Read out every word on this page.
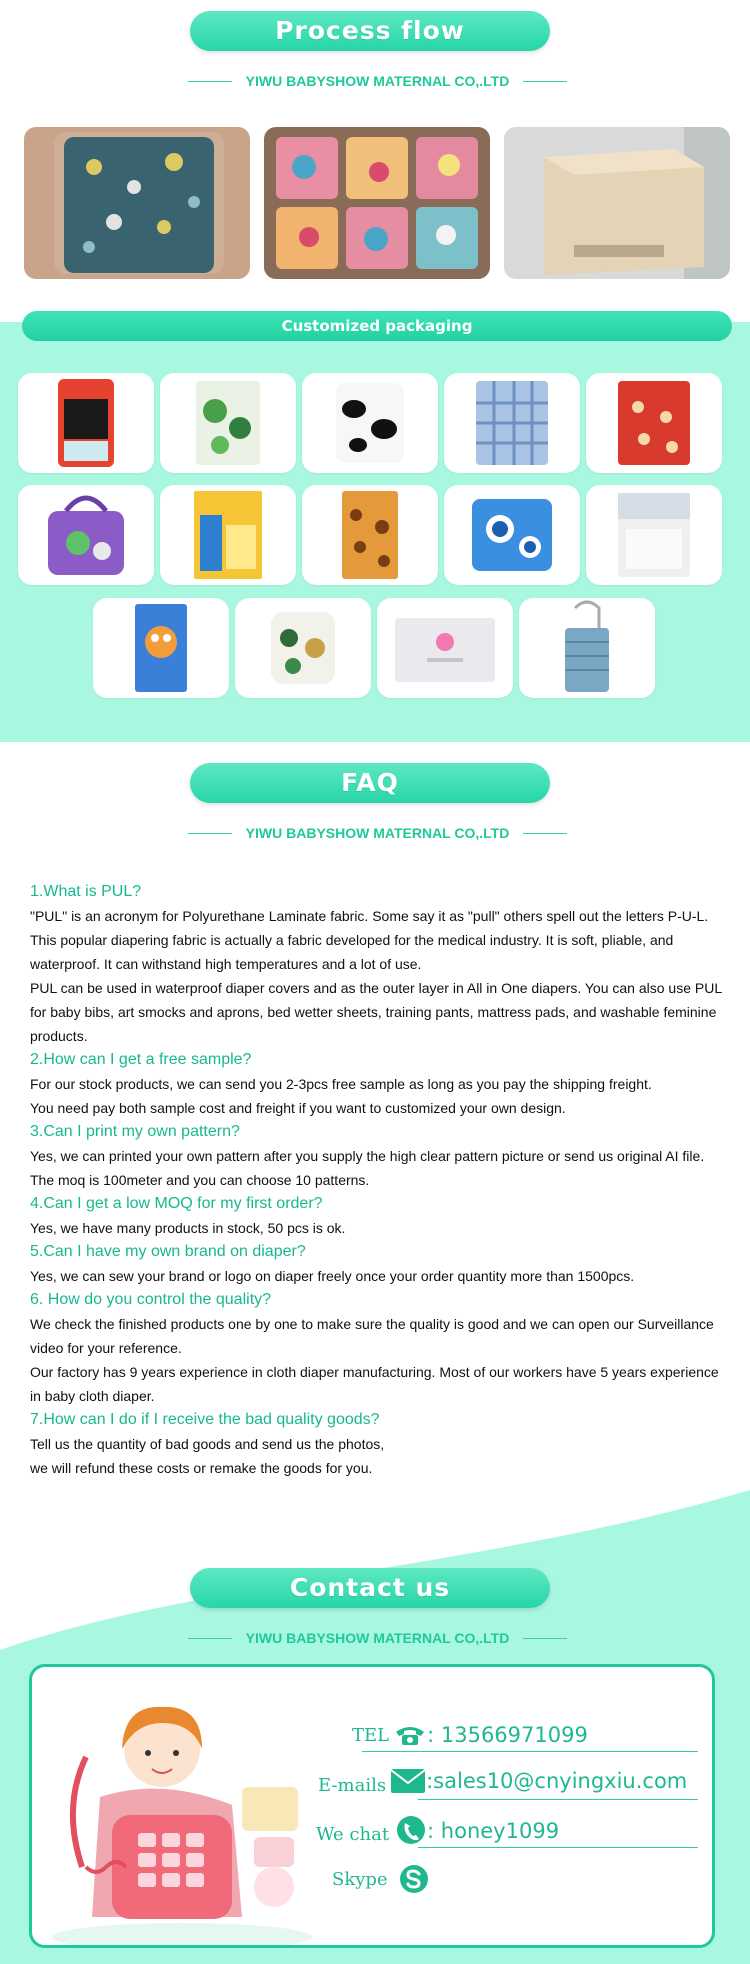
Process flow
YIWU BABYSHOW MATERNAL CO,.LTD
Customized packaging
FAQ
YIWU BABYSHOW MATERNAL CO,.LTD

1.What is PUL?

"PUL" is an acronym for Polyurethane Laminate fabric. Some say it as "pull" others spell out the letters P-U-L. This popular diapering fabric is actually a fabric developed for the medical industry. It is soft, pliable, and waterproof. It can withstand high temperatures and a lot of use.

PUL can be used in waterproof diaper covers and as the outer layer in All in One diapers. You can also use PUL for baby bibs, art smocks and aprons, bed wetter sheets, training pants, mattress pads, and washable feminine products.

2.How can I get a free sample?

For our stock products, we can send you 2-3pcs free sample as long as you pay the shipping freight.

You need pay both sample cost and freight if you want to customized your own design.

3.Can I print my own pattern?

Yes, we can printed your own pattern after you supply the high clear pattern picture or send us original AI file. The moq is 100meter and you can choose 10 patterns.

4.Can I get a low MOQ for my first order?

Yes, we have many products in stock, 50 pcs is ok.

5.Can I have my own brand on diaper?

Yes, we can sew your brand or logo on diaper freely once your order quantity more than 1500pcs.

6. How do you control the quality?

We check the finished products one by one to make sure the quality is good and we can open our Surveillance video for your reference.

Our factory has 9 years experience in cloth diaper manufacturing. Most of our workers have 5 years experience

in baby cloth diaper.

7.How can I do if I receive the bad quality goods?

Tell us the quantity of bad goods and send us the photos,

we will refund these costs or remake the goods for you.

Contact us
YIWU BABYSHOW MATERNAL CO,.LTD
TEL : 13566971099
E-mails :sales10@cnyingxiu.com
We chat : honey1099
Skype
